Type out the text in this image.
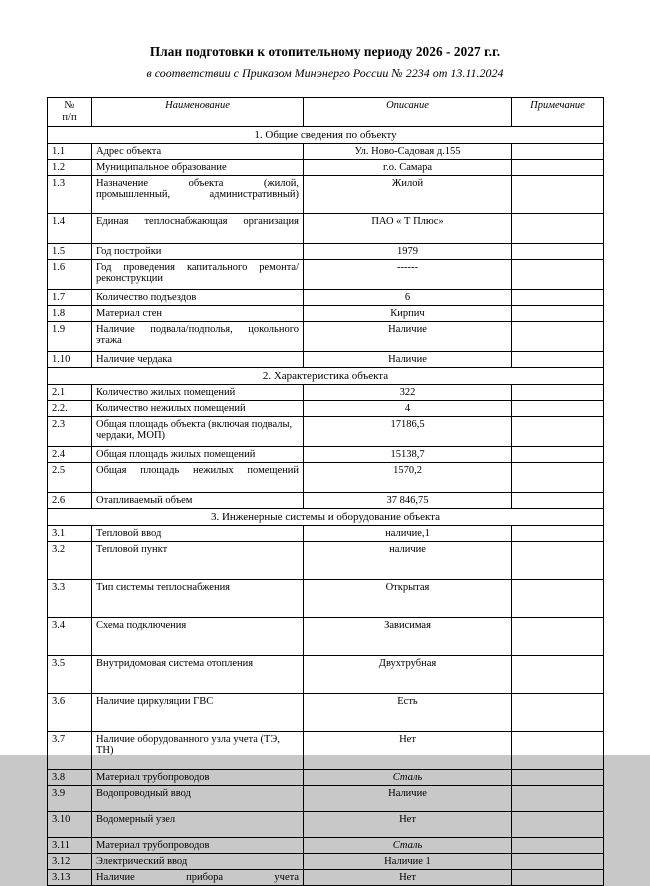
План подготовки к отопительному периоду 2026 - 2027 г.г.
в соответствии с Приказом Минэнерго России № 2234 от 13.11.2024
№
п/п	Наименование	Описание	Примечание
1. Общие сведения по объекту			
1.1	Адрес объекта	Ул. Ново-Садовая д.155	
1.2	Муниципальное образование	г.о. Самара	
1.3	Назначение объекта (жилой, промышленный, административный)	Жилой	
1.4	Единая теплоснабжающая организация	ПАО « Т Плюс»	
1.5	Год постройки	1979	
1.6	Год проведения капитального ремонта/реконструкции	------	
1.7	Количество подъездов	6	
1.8	Материал стен	Кирпич	
1.9	Наличие подвала/подполья, цокольного этажа	Наличие	
1.10	Наличие чердака	Наличие	
2. Характеристика объекта			
2.1	Количество жилых помещений	322	
2.2.	Количество нежилых помещений	4	
2.3	Общая площадь объекта (включая подвалы, чердаки, МОП)	17186,5	
2.4	Общая площадь жилых помещений	15138,7	
2.5	Общая площадь нежилых помещений	1570,2	
2.6	Отапливаемый объем	37 846,75	
3. Инженерные системы и оборудование объекта			
3.1	Тепловой ввод	наличие,1	
3.2	Тепловой пункт	наличие	
3.3	Тип системы теплоснабжения	Открытая	
3.4	Схема подключения	Зависимая	
3.5	Внутридомовая система отопления	Двухтрубная	
3.6	Наличие циркуляции ГВС	Есть	
3.7	Наличие оборудованного узла учета (ТЭ, ТН)	Нет	
3.8	Материал трубопроводов	Сталь	
3.9	Водопроводный ввод	Наличие	
3.10	Водомерный узел	Нет	
3.11	Материал трубопроводов	Сталь	
3.12	Электрический ввод	Наличие 1	
3.13	Наличие прибора учета	Нет	
